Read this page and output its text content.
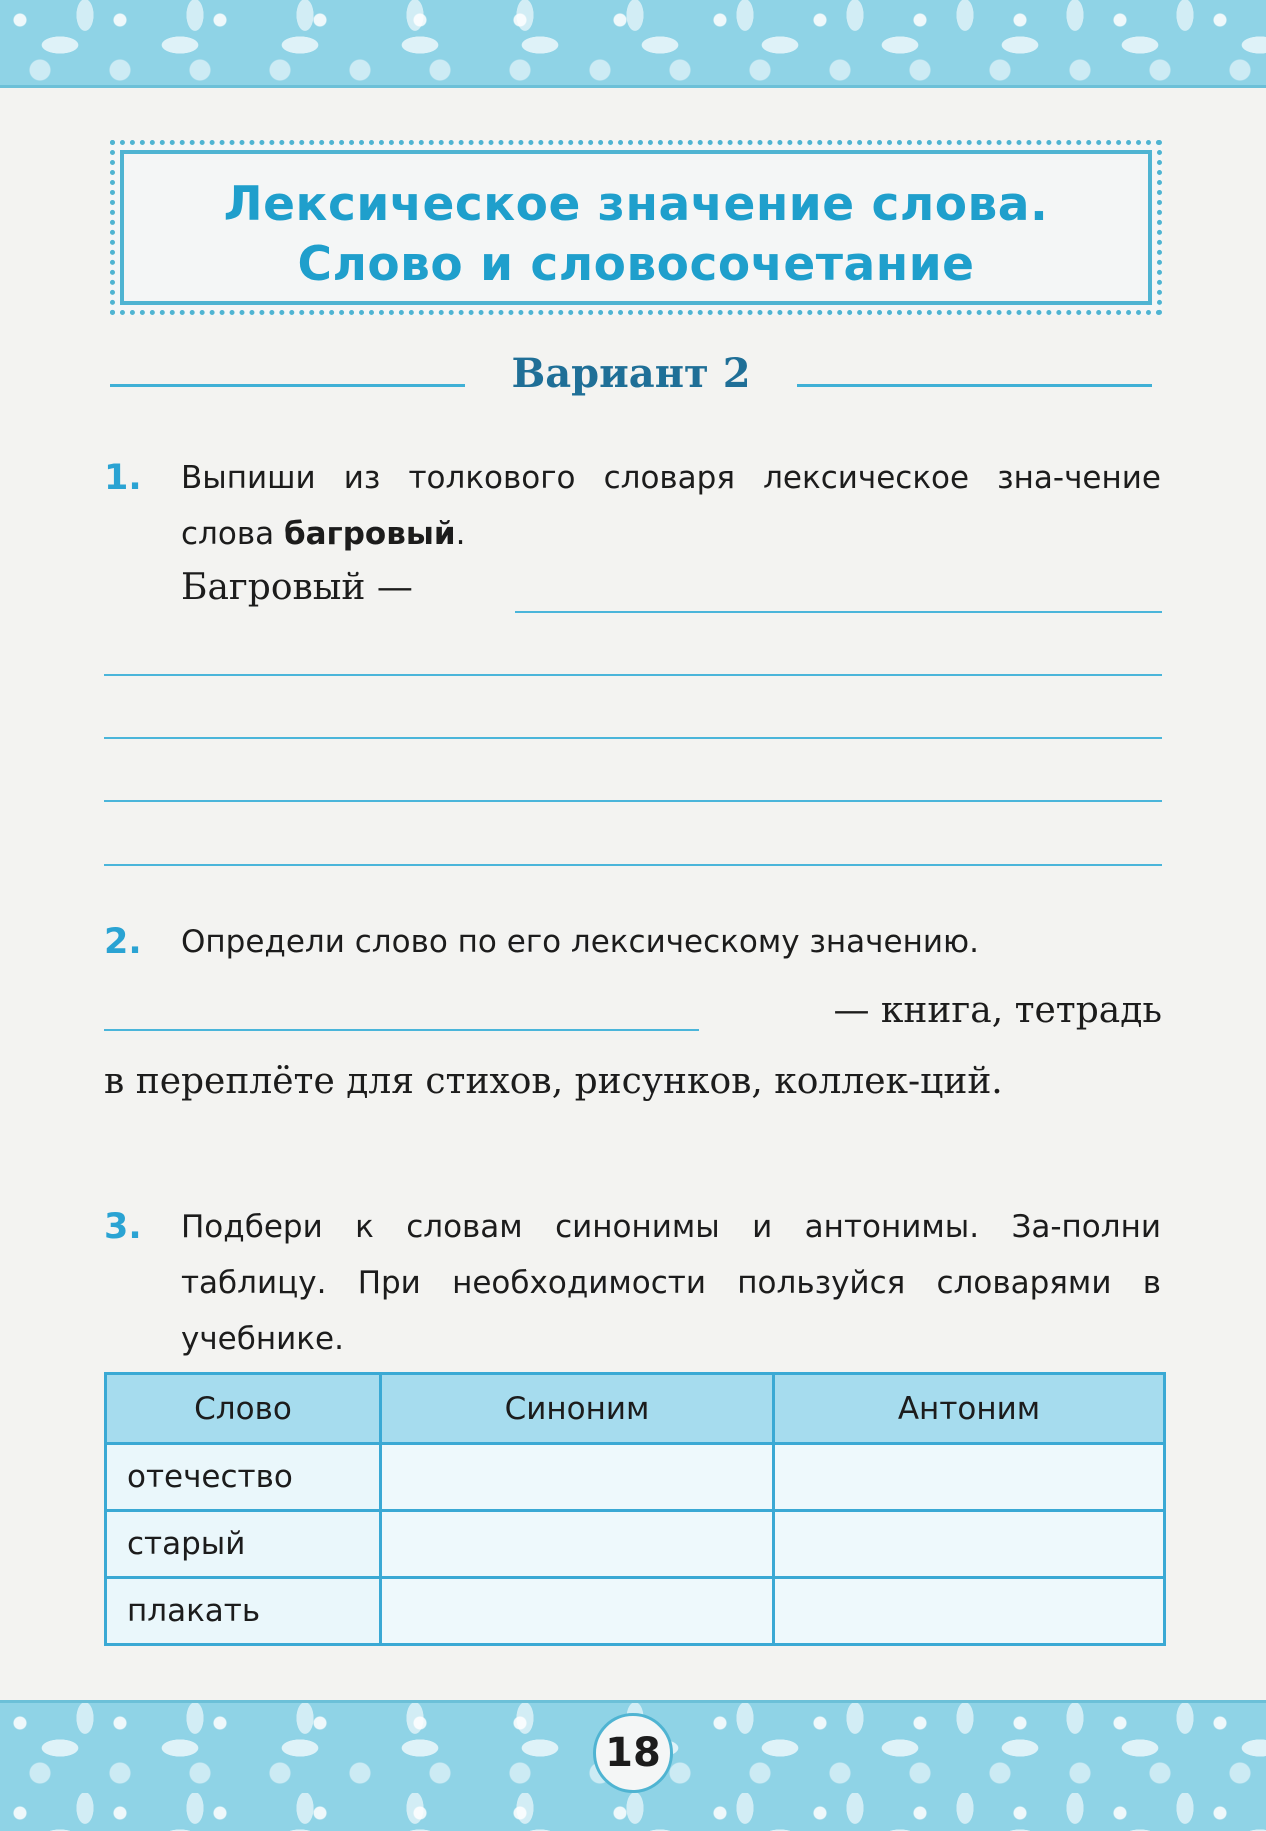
Лексическое значение слова.
Слово и словосочетание
Вариант 2
1. Выпиши из толкового словаря лексическое зна-чение слова багровый.
Багровый —
2. Определи слово по его лексическому значению.
— книга, тетрадь
в переплёте для стихов, рисунков, коллек-ций.
3. Подбери к словам синонимы и антонимы. За-полни таблицу. При необходимости пользуйся словарями в учебнике.
Слово	Синоним	Антоним
отечество		
старый		
плакать		
18
